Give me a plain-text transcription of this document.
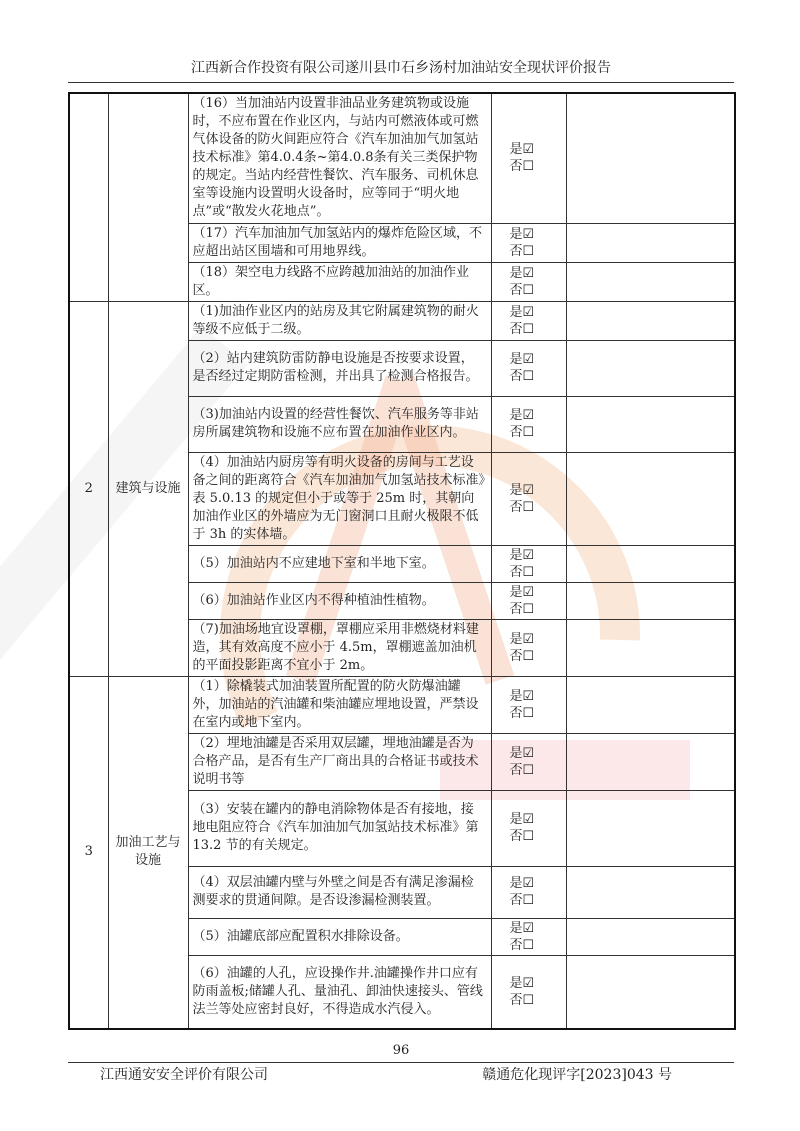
江西新合作投资有限公司遂川县巾石乡汤村加油站安全现状评价报告
		（16）当加油站内设置非油品业务建筑物或设施时，不应布置在作业区内，与站内可燃液体或可燃气体设备的防火间距应符合《汽车加油加气加氢站技术标准》第4.0.4条~第4.0.8条有关三类保护物的规定。当站内经营性餐饮、汽车服务、司机休息室等设施内设置明火设备时，应等同于“明火地点”或“散发火花地点”。	是☑
否☐	

		（17）汽车加油加气加氢站内的爆炸危险区域，不应超出站区围墙和可用地界线。	是☑
否☐	

		（18）架空电力线路不应跨越加油站的加油作业区。	是☑
否☐	

2	建筑与设施	（1)加油作业区内的站房及其它附属建筑物的耐火等级不应低于二级。	是☑
否☐	

		（2）站内建筑防雷防静电设施是否按要求设置，是否经过定期防雷检测，并出具了检测合格报告。	是☑
否☐	

		（3)加油站内设置的经营性餐饮、汽车服务等非站房所属建筑物和设施不应布置在加油作业区内。	是☑
否☐	

		（4）加油站内厨房等有明火设备的房间与工艺设备之间的距离符合《汽车加油加气加氢站技术标准》表 5.0.13 的规定但小于或等于 25m 时，其朝向加油作业区的外墙应为无门窗洞口且耐火极限不低于 3h 的实体墙。	是☑
否☐	

		（5）加油站内不应建地下室和半地下室。	是☑
否☐	

		（6）加油站作业区内不得种植油性植物。	是☑
否☐	

		（7)加油场地宜设罩棚，罩棚应采用非燃烧材料建造，其有效高度不应小于 4.5m，罩棚遮盖加油机的平面投影距离不宜小于 2m。	是☑
否☐	

3	加油工艺与设施	（1）除橇装式加油装置所配置的防火防爆油罐外，加油站的汽油罐和柴油罐应埋地设置，严禁设在室内或地下室内。	是☑
否☐	

		（2）埋地油罐是否采用双层罐，埋地油罐是否为合格产品，是否有生产厂商出具的合格证书或技术说明书等	是☑
否☐	

		（3）安装在罐内的静电消除物体是否有接地，接地电阻应符合《汽车加油加气加氢站技术标准》第 13.2 节的有关规定。	是☑
否☐	

		（4）双层油罐内壁与外壁之间是否有满足渗漏检测要求的贯通间隙。是否设渗漏检测装置。	是☑
否☐	

		（5）油罐底部应配置积水排除设备。	是☑
否☐	

		（6）油罐的人孔，应设操作井.油罐操作井口应有防雨盖板;储罐人孔、量油孔、卸油快速接头、管线法兰等处应密封良好，不得造成水汽侵入。	是☑
否☐	

96
江西通安安全评价有限公司	赣通危化现评字[2023]043 号
